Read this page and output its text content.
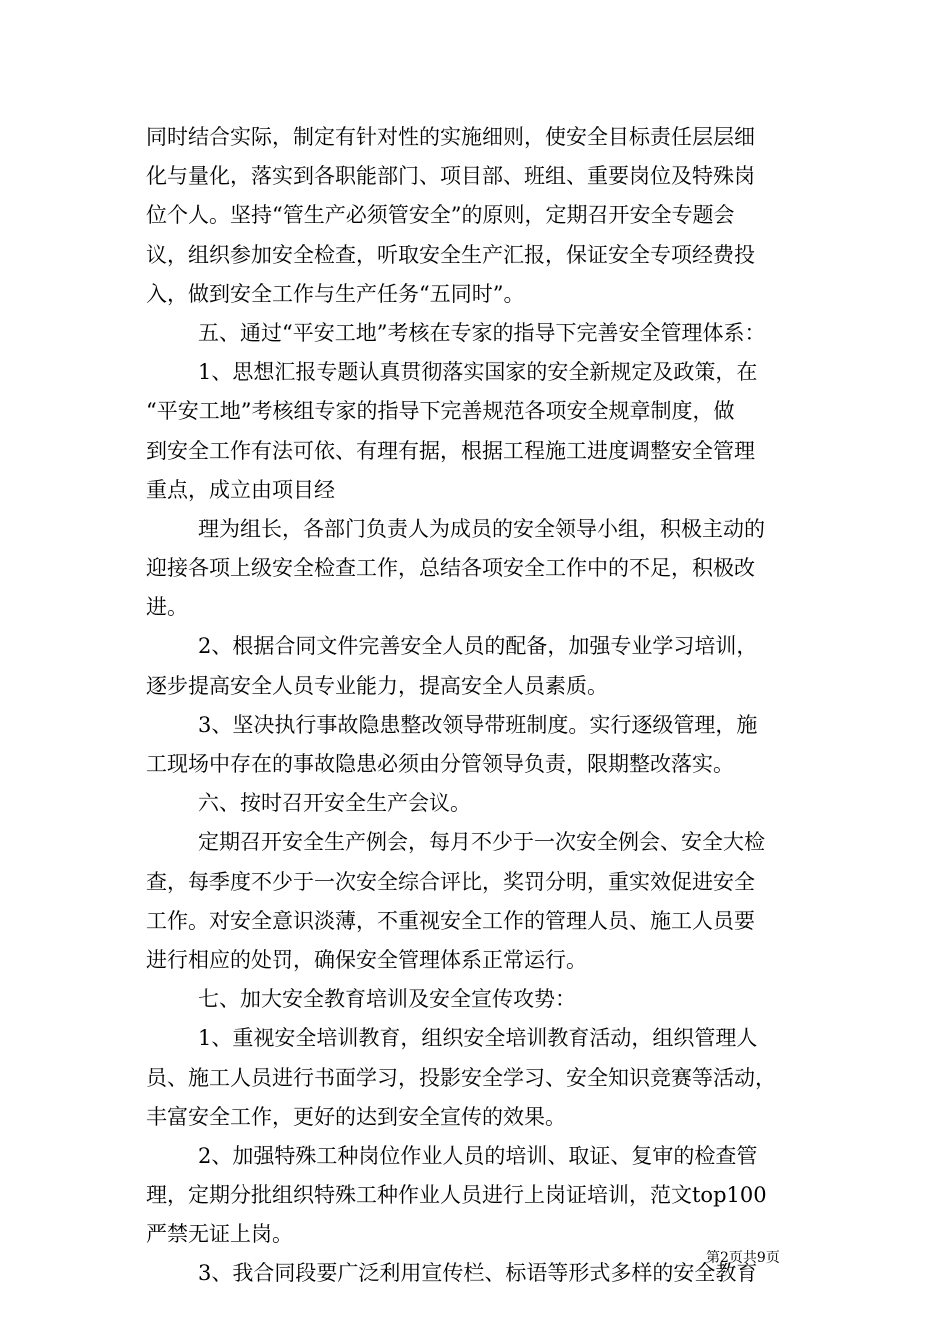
同时结合实际，制定有针对性的实施细则，使安全目标责任层层细
化与量化，落实到各职能部门、项目部、班组、重要岗位及特殊岗
位个人。坚持“管生产必须管安全”的原则，定期召开安全专题会
议，组织参加安全检查，听取安全生产汇报，保证安全专项经费投
入，做到安全工作与生产任务“五同时”。
五、通过“平安工地”考核在专家的指导下完善安全管理体系：
1、思想汇报专题认真贯彻落实国家的安全新规定及政策，在
“平安工地”考核组专家的指导下完善规范各项安全规章制度，做
到安全工作有法可依、有理有据，根据工程施工进度调整安全管理
重点，成立由项目经
理为组长，各部门负责人为成员的安全领导小组，积极主动的
迎接各项上级安全检查工作，总结各项安全工作中的不足，积极改
进。
2、根据合同文件完善安全人员的配备，加强专业学习培训，
逐步提高安全人员专业能力，提高安全人员素质。
3、坚决执行事故隐患整改领导带班制度。实行逐级管理，施
工现场中存在的事故隐患必须由分管领导负责，限期整改落实。
六、按时召开安全生产会议。
定期召开安全生产例会，每月不少于一次安全例会、安全大检
查，每季度不少于一次安全综合评比，奖罚分明，重实效促进安全
工作。对安全意识淡薄，不重视安全工作的管理人员、施工人员要
进行相应的处罚，确保安全管理体系正常运行。
七、加大安全教育培训及安全宣传攻势：
1、重视安全培训教育，组织安全培训教育活动，组织管理人
员、施工人员进行书面学习，投影安全学习、安全知识竞赛等活动，
丰富安全工作，更好的达到安全宣传的效果。
2、加强特殊工种岗位作业人员的培训、取证、复审的检查管
理，定期分批组织特殊工种作业人员进行上岗证培训，范文top100
严禁无证上岗。
3、我合同段要广泛利用宣传栏、标语等形式多样的安全教育
第2页共9页
